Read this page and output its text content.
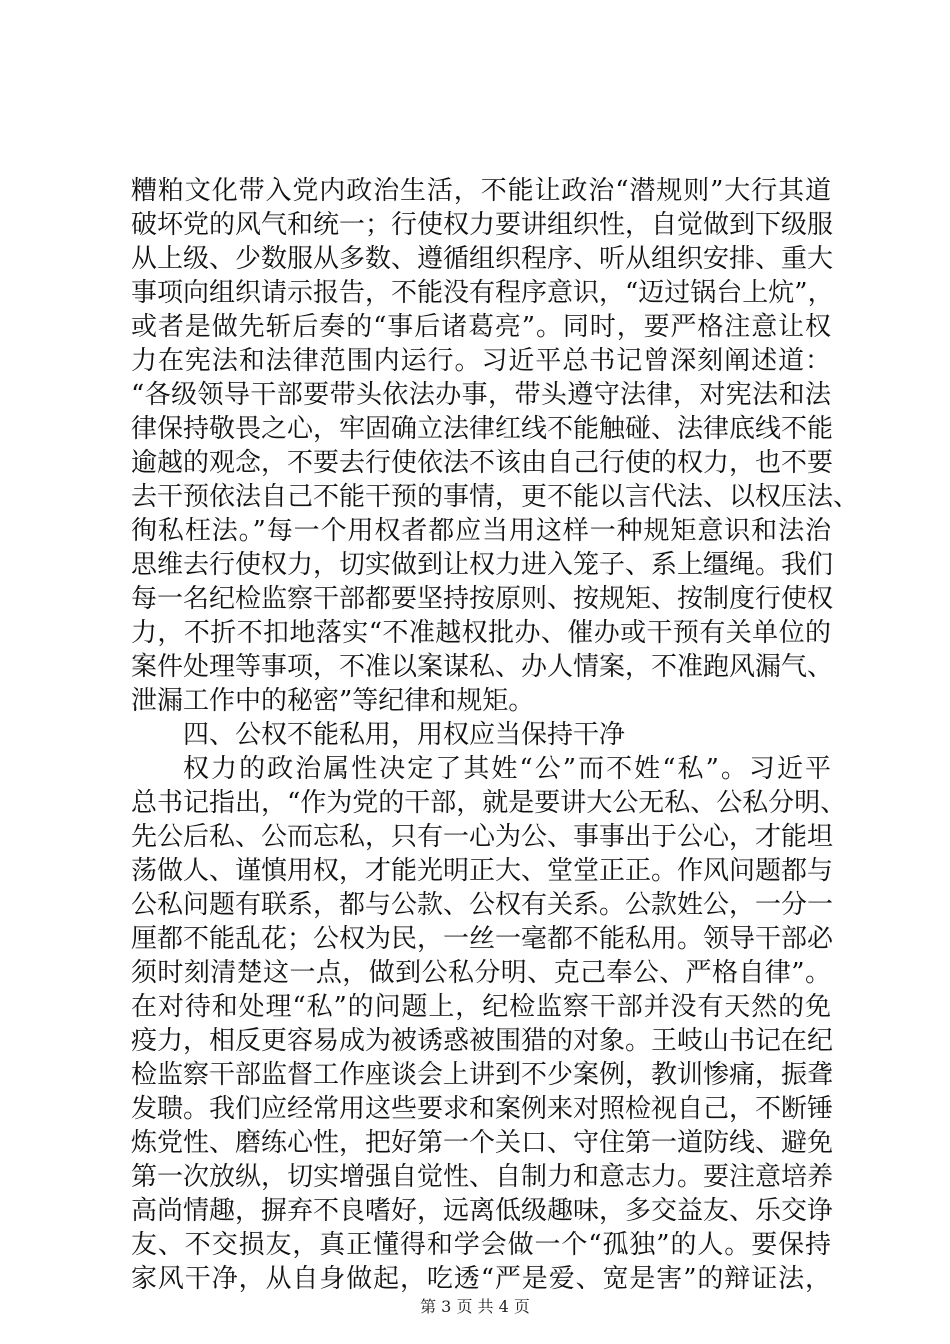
糟粕文化带入党内政治生活，不能让政治“潜规则”大行其道
破坏党的风气和统一；行使权力要讲组织性，自觉做到下级服
从上级、少数服从多数、遵循组织程序、听从组织安排、重大
事项向组织请示报告，不能没有程序意识，“迈过锅台上炕”，
或者是做先斩后奏的“事后诸葛亮”。同时，要严格注意让权
力在宪法和法律范围内运行。习近平总书记曾深刻阐述道：
“各级领导干部要带头依法办事，带头遵守法律，对宪法和法
律保持敬畏之心，牢固确立法律红线不能触碰、法律底线不能
逾越的观念，不要去行使依法不该由自己行使的权力，也不要
去干预依法自己不能干预的事情，更不能以言代法、以权压法、
徇私枉法。”每一个用权者都应当用这样一种规矩意识和法治
思维去行使权力，切实做到让权力进入笼子、系上缰绳。我们
每一名纪检监察干部都要坚持按原则、按规矩、按制度行使权
力，不折不扣地落实“不准越权批办、催办或干预有关单位的
案件处理等事项，不准以案谋私、办人情案，不准跑风漏气、
泄漏工作中的秘密”等纪律和规矩。
四、公权不能私用，用权应当保持干净
权力的政治属性决定了其姓“公”而不姓“私”。习近平
总书记指出，“作为党的干部，就是要讲大公无私、公私分明、
先公后私、公而忘私，只有一心为公、事事出于公心，才能坦
荡做人、谨慎用权，才能光明正大、堂堂正正。作风问题都与
公私问题有联系，都与公款、公权有关系。公款姓公，一分一
厘都不能乱花；公权为民，一丝一毫都不能私用。领导干部必
须时刻清楚这一点，做到公私分明、克己奉公、严格自律”。
在对待和处理“私”的问题上，纪检监察干部并没有天然的免
疫力，相反更容易成为被诱惑被围猎的对象。王岐山书记在纪
检监察干部监督工作座谈会上讲到不少案例，教训惨痛，振聋
发聩。我们应经常用这些要求和案例来对照检视自己，不断锤
炼党性、磨练心性，把好第一个关口、守住第一道防线、避免
第一次放纵，切实增强自觉性、自制力和意志力。要注意培养
高尚情趣，摒弃不良嗜好，远离低级趣味，多交益友、乐交诤
友、不交损友，真正懂得和学会做一个“孤独”的人。要保持
家风干净，从自身做起，吃透“严是爱、宽是害”的辩证法，
第 3 页 共 4 页
